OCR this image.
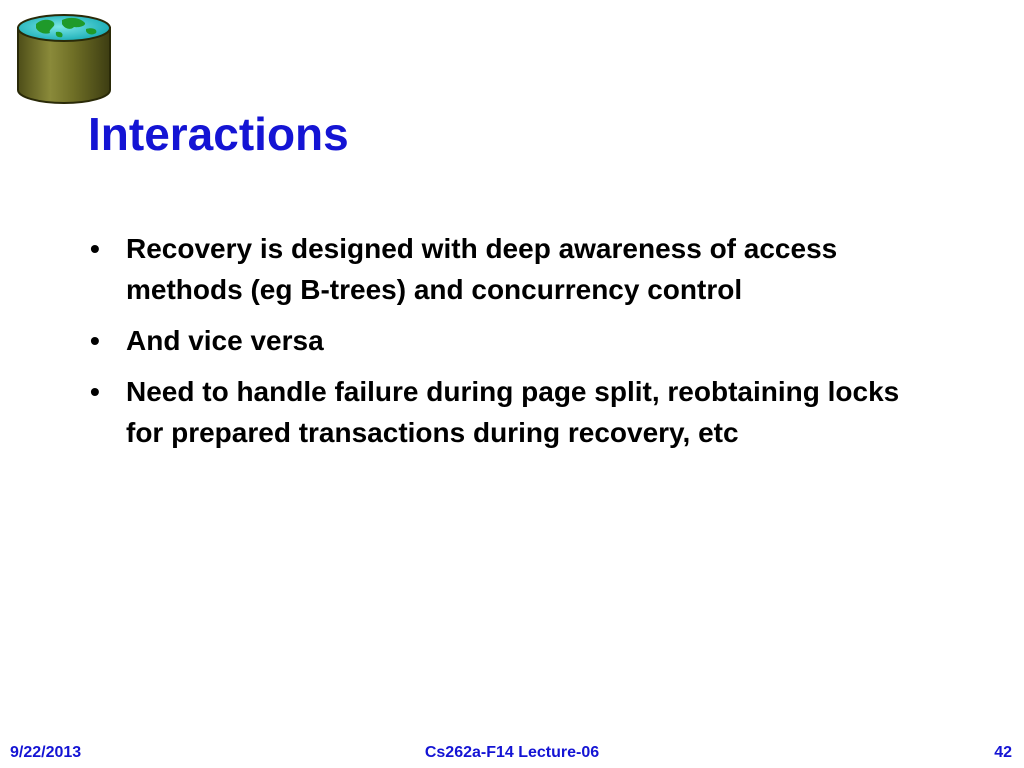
Interactions
• Recovery is designed with deep awareness of access methods (eg B-trees) and concurrency control
• And vice versa
• Need to handle failure during page split, reobtaining locks for prepared transactions during recovery, etc
9/22/2013	Cs262a-F14 Lecture-06	42
